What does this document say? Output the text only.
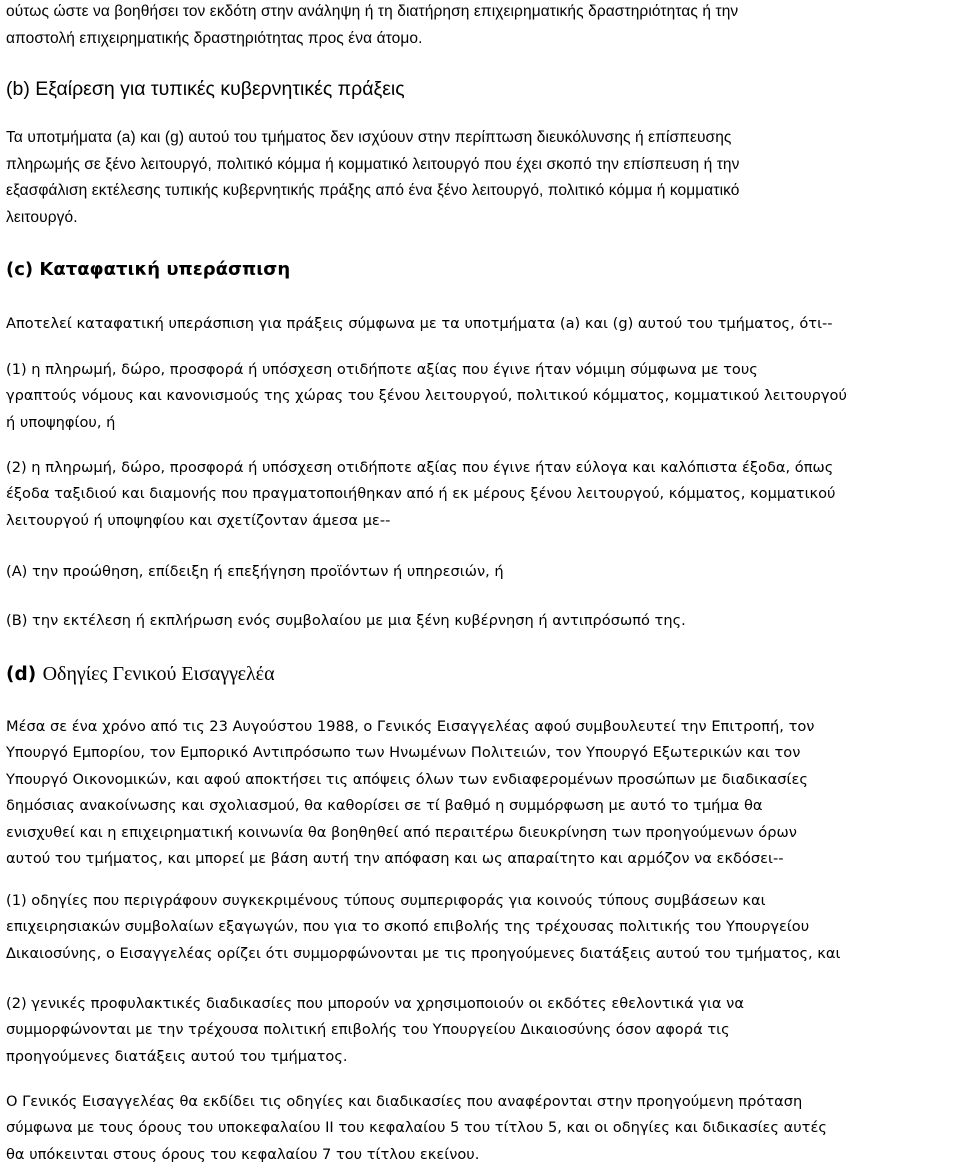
ούτως ώστε να βοηθήσει τον εκδότη στην ανάληψη ή τη διατήρηση επιχειρηματικής δραστηριότητας ή την
αποστολή επιχειρηματικής δραστηριότητας προς ένα άτομο.
(b) Εξαίρεση για τυπικές κυβερνητικές πράξεις
Τα υποτμήματα (a) και (g) αυτού του τμήματος δεν ισχύουν στην περίπτωση διευκόλυνσης ή επίσπευσης
πληρωμής σε ξένο λειτουργό, πολιτικό κόμμα ή κομματικό λειτουργό που έχει σκοπό την επίσπευση ή την
εξασφάλιση εκτέλεσης τυπικής κυβερνητικής πράξης από ένα ξένο λειτουργό, πολιτικό κόμμα ή κομματικό
λειτουργό.
(c) Καταφατική υπεράσπιση
Αποτελεί καταφατική υπεράσπιση για πράξεις σύμφωνα με τα υποτμήματα (a) και (g) αυτού του τμήματος, ότι--
(1) η πληρωμή, δώρο, προσφορά ή υπόσχεση οτιδήποτε αξίας που έγινε ήταν νόμιμη σύμφωνα με τους
γραπτούς νόμους και κανονισμούς της χώρας του ξένου λειτουργού, πολιτικού κόμματος, κομματικού λειτουργού
ή υποψηφίου, ή
(2) η πληρωμή, δώρο, προσφορά ή υπόσχεση οτιδήποτε αξίας που έγινε ήταν εύλογα και καλόπιστα έξοδα, όπως
έξοδα ταξιδιού και διαμονής που πραγματοποιήθηκαν από ή εκ μέρους ξένου λειτουργού, κόμματος, κομματικού
λειτουργού ή υποψηφίου και σχετίζονταν άμεσα με--
(A) την προώθηση, επίδειξη ή επεξήγηση προϊόντων ή υπηρεσιών, ή
(B) την εκτέλεση ή εκπλήρωση ενός συμβολαίου με μια ξένη κυβέρνηση ή αντιπρόσωπό της.
(d) Οδηγίες Γενικού Εισαγγελέα
Μέσα σε ένα χρόνο από τις 23 Αυγούστου 1988, ο Γενικός Εισαγγελέας αφού συμβουλευτεί την Επιτροπή, τον
Υπουργό Εμπορίου, τον Εμπορικό Αντιπρόσωπο των Ηνωμένων Πολιτειών, τον Υπουργό Εξωτερικών και τον
Υπουργό Οικονομικών, και αφού αποκτήσει τις απόψεις όλων των ενδιαφερομένων προσώπων με διαδικασίες
δημόσιας ανακοίνωσης και σχολιασμού, θα καθορίσει σε τί βαθμό η συμμόρφωση με αυτό το τμήμα θα
ενισχυθεί και η επιχειρηματική κοινωνία θα βοηθηθεί από περαιτέρω διευκρίνηση των προηγούμενων όρων
αυτού του τμήματος, και μπορεί με βάση αυτή την απόφαση και ως απαραίτητο και αρμόζον να εκδόσει--
(1) οδηγίες που περιγράφουν συγκεκριμένους τύπους συμπεριφοράς για κοινούς τύπους συμβάσεων και
επιχειρησιακών συμβολαίων εξαγωγών, που για το σκοπό επιβολής της τρέχουσας πολιτικής του Υπουργείου
Δικαιοσύνης, ο Εισαγγελέας ορίζει ότι συμμορφώνονται με τις προηγούμενες διατάξεις αυτού του τμήματος, και
(2) γενικές προφυλακτικές διαδικασίες που μπορούν να χρησιμοποιούν οι εκδότες εθελοντικά για να
συμμορφώνονται με την τρέχουσα πολιτική επιβολής του Υπουργείου Δικαιοσύνης όσον αφορά τις
προηγούμενες διατάξεις αυτού του τμήματος.
Ο Γενικός Εισαγγελέας θα εκδίδει τις οδηγίες και διαδικασίες που αναφέρονται στην προηγούμενη πρόταση
σύμφωνα με τους όρους του υποκεφαλαίου II του κεφαλαίου 5 του τίτλου 5, και οι οδηγίες και διδικασίες αυτές
θα υπόκεινται στους όρους του κεφαλαίου 7 του τίτλου εκείνου.
